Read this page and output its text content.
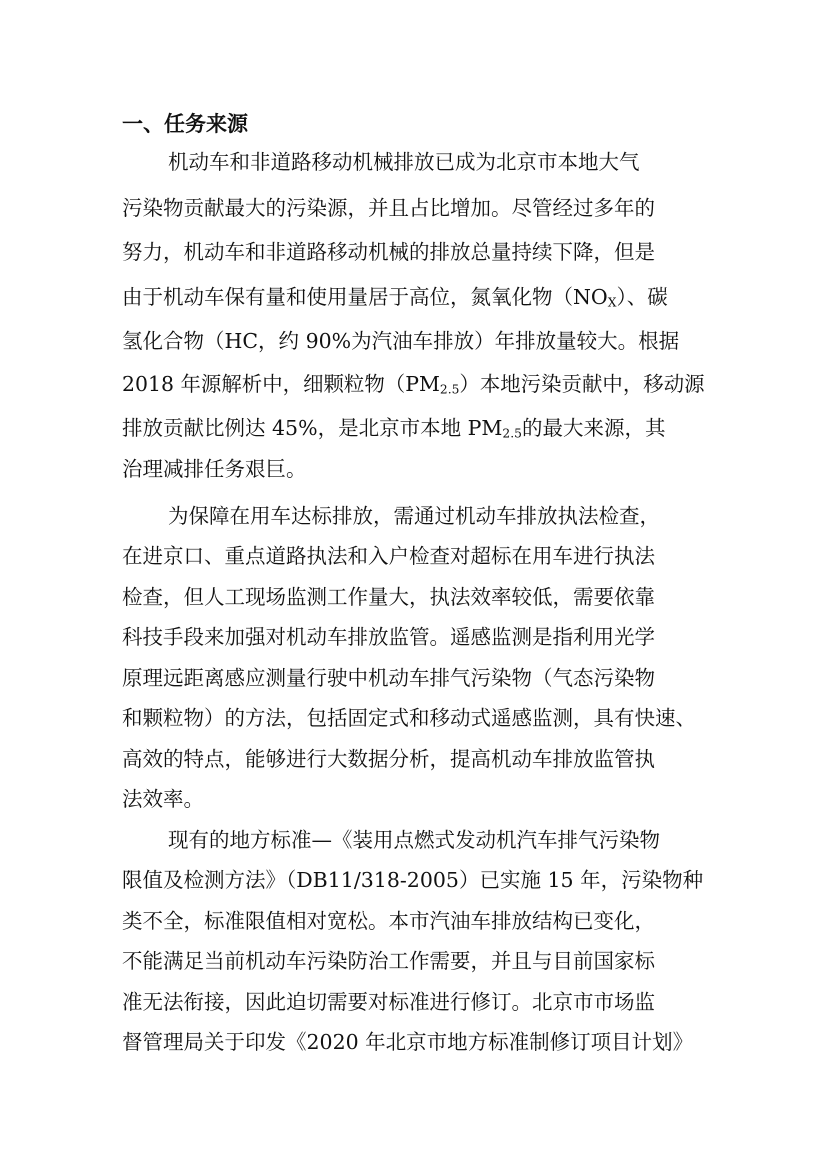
一、任务来源
机动车和非道路移动机械排放已成为北京市本地大气
污染物贡献最大的污染源，并且占比增加。尽管经过多年的
努力，机动车和非道路移动机械的排放总量持续下降，但是
由于机动车保有量和使用量居于高位，氮氧化物$(NO_X)$、碳
氢化合物（HC，约 90%为汽油车排放）年排放量较大。根据
2018 年源解析中，细颗粒物$(PM_{2.5})$本地污染贡献中，移动源
排放贡献比例达 45%，是北京市本地 $PM_{2.5}$的最大来源，其
治理减排任务艰巨。
为保障在用车达标排放，需通过机动车排放执法检查，
在进京口、重点道路执法和入户检查对超标在用车进行执法
检查，但人工现场监测工作量大，执法效率较低，需要依靠
科技手段来加强对机动车排放监管。遥感监测是指利用光学
原理远距离感应测量行驶中机动车排气污染物（气态污染物
和颗粒物）的方法，包括固定式和移动式遥感监测，具有快速、
高效的特点，能够进行大数据分析，提高机动车排放监管执
法效率。
现有的地方标准—《装用点燃式发动机汽车排气污染物
限值及检测方法》（DB11/318-2005）已实施 15 年，污染物种
类不全，标准限值相对宽松。本市汽油车排放结构已变化，
不能满足当前机动车污染防治工作需要，并且与目前国家标
准无法衔接，因此迫切需要对标准进行修订。北京市市场监
督管理局关于印发《2020 年北京市地方标准制修订项目计划》
